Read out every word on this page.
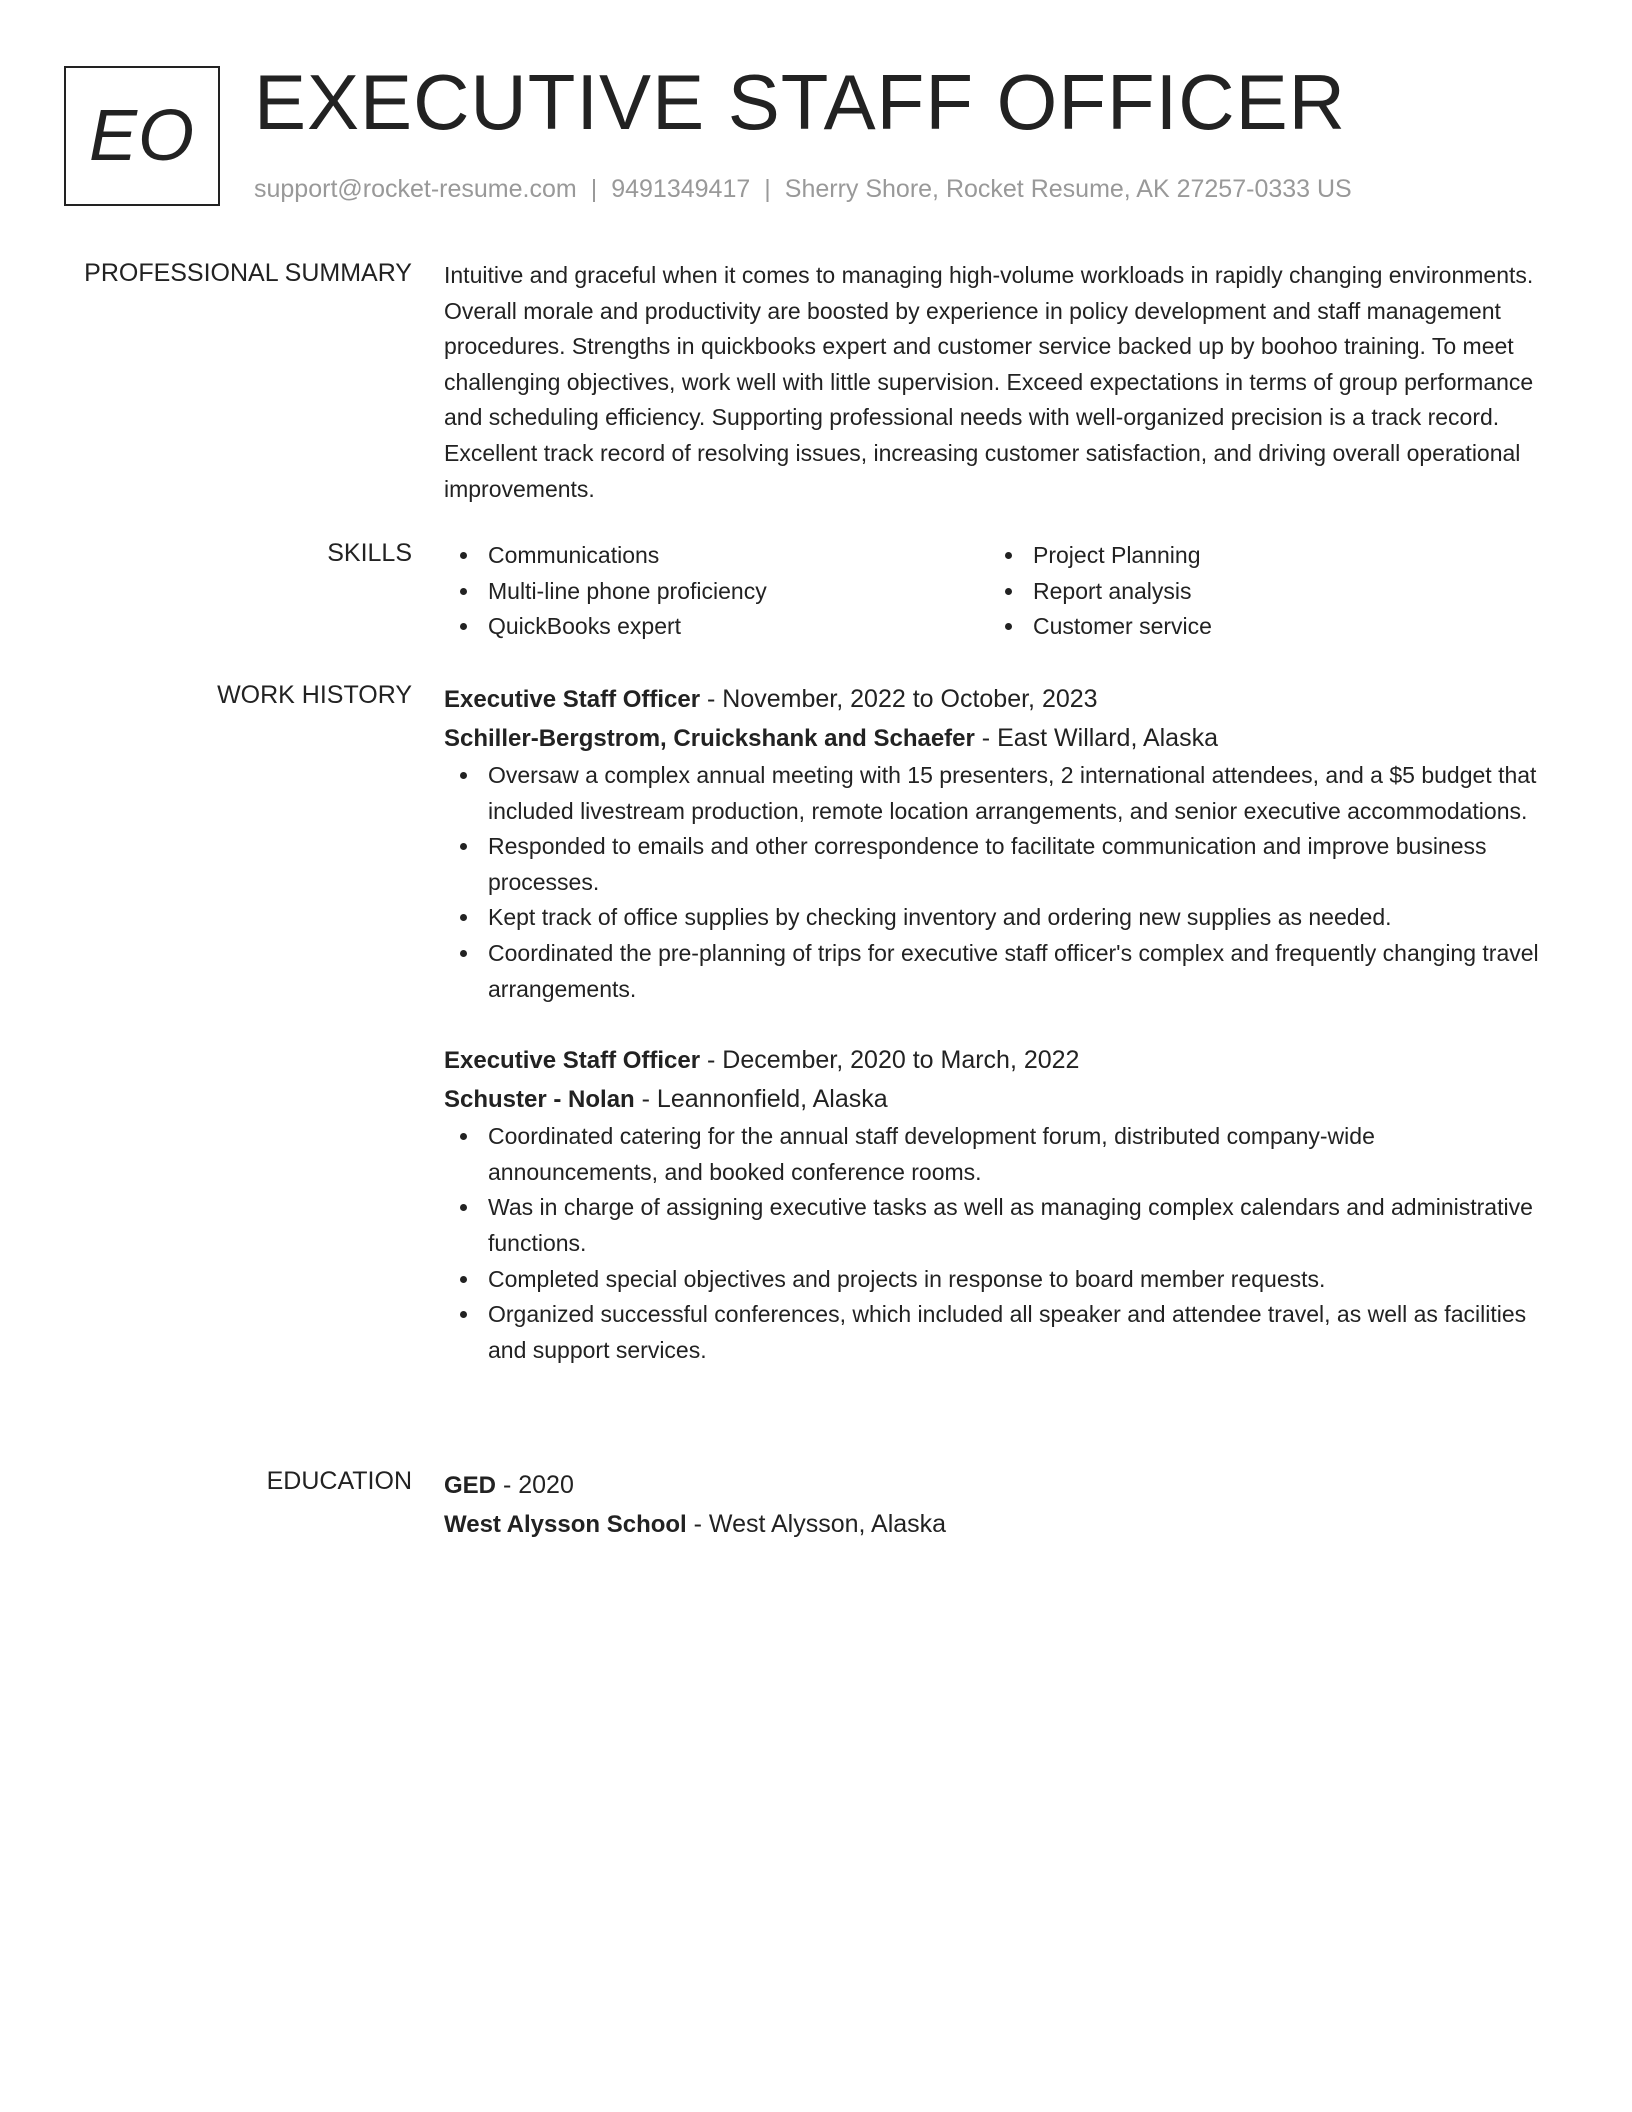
EO EXECUTIVE STAFF OFFICER
support@rocket-resume.com | 9491349417 | Sherry Shore, Rocket Resume, AK 27257-0333 US
PROFESSIONAL SUMMARY Intuitive and graceful when it comes to managing high-volume workloads in rapidly changing environments. Overall morale and productivity are boosted by experience in policy development and staff management procedures. Strengths in quickbooks expert and customer service backed up by boohoo training. To meet challenging objectives, work well with little supervision. Exceed expectations in terms of group performance and scheduling efficiency. Supporting professional needs with well-organized precision is a track record. Excellent track record of resolving issues, increasing customer satisfaction, and driving overall operational improvements.

SKILLS	Communications
Multi-line phone proficiency
QuickBooks expert
Project Planning
Report analysis
Customer service
WORK HISTORY Executive Staff Officer - November, 2022 to October, 2023
Schiller-Bergstrom, Cruickshank and Schaefer - East Willard, Alaska
Oversaw a complex annual meeting with 15 presenters, 2 international attendees, and a $5 budget that included livestream production, remote location arrangements, and senior executive accommodations.
Responded to emails and other correspondence to facilitate communication and improve business processes.
Kept track of office supplies by checking inventory and ordering new supplies as needed.
Coordinated the pre-planning of trips for executive staff officer's complex and frequently changing travel arrangements.
Executive Staff Officer - December, 2020 to March, 2022
Schuster - Nolan - Leannonfield, Alaska
Coordinated catering for the annual staff development forum, distributed company-wide announcements, and booked conference rooms.
Was in charge of assigning executive tasks as well as managing complex calendars and administrative functions.
Completed special objectives and projects in response to board member requests.
Organized successful conferences, which included all speaker and attendee travel, as well as facilities and support services.
EDUCATION GED - 2020
West Alysson School - West Alysson, Alaska
